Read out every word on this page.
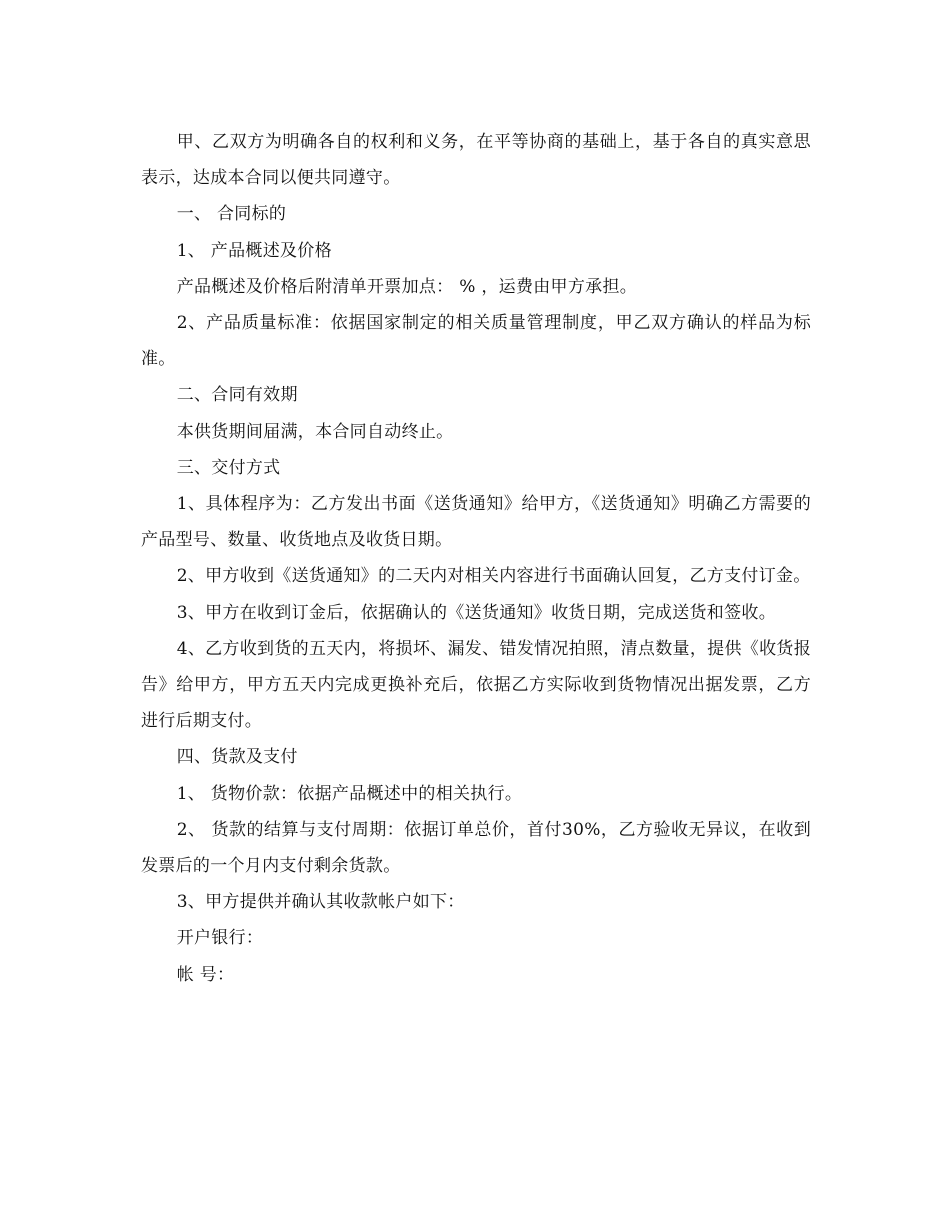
甲、乙双方为明确各自的权利和义务，在平等协商的基础上，基于各自的真实意思表示，达成本合同以便共同遵守。

一、 合同标的

1、 产品概述及价格

产品概述及价格后附清单开票加点： % ，运费由甲方承担。

2、产品质量标准：依据国家制定的相关质量管理制度，甲乙双方确认的样品为标准。

二、合同有效期

本供货期间届满，本合同自动终止。

三、交付方式

1、具体程序为：乙方发出书面《送货通知》给甲方，《送货通知》明确乙方需要的产品型号、数量、收货地点及收货日期。

2、甲方收到《送货通知》的二天内对相关内容进行书面确认回复，乙方支付订金。

3、甲方在收到订金后，依据确认的《送货通知》收货日期，完成送货和签收。

4、乙方收到货的五天内，将损坏、漏发、错发情况拍照，清点数量，提供《收货报告》给甲方，甲方五天内完成更换补充后，依据乙方实际收到货物情况出据发票，乙方进行后期支付。

四、货款及支付

1、 货物价款：依据产品概述中的相关执行。

2、 货款的结算与支付周期：依据订单总价，首付30%，乙方验收无异议，在收到发票后的一个月内支付剩余货款。

3、甲方提供并确认其收款帐户如下：

开户银行：

帐 号：
